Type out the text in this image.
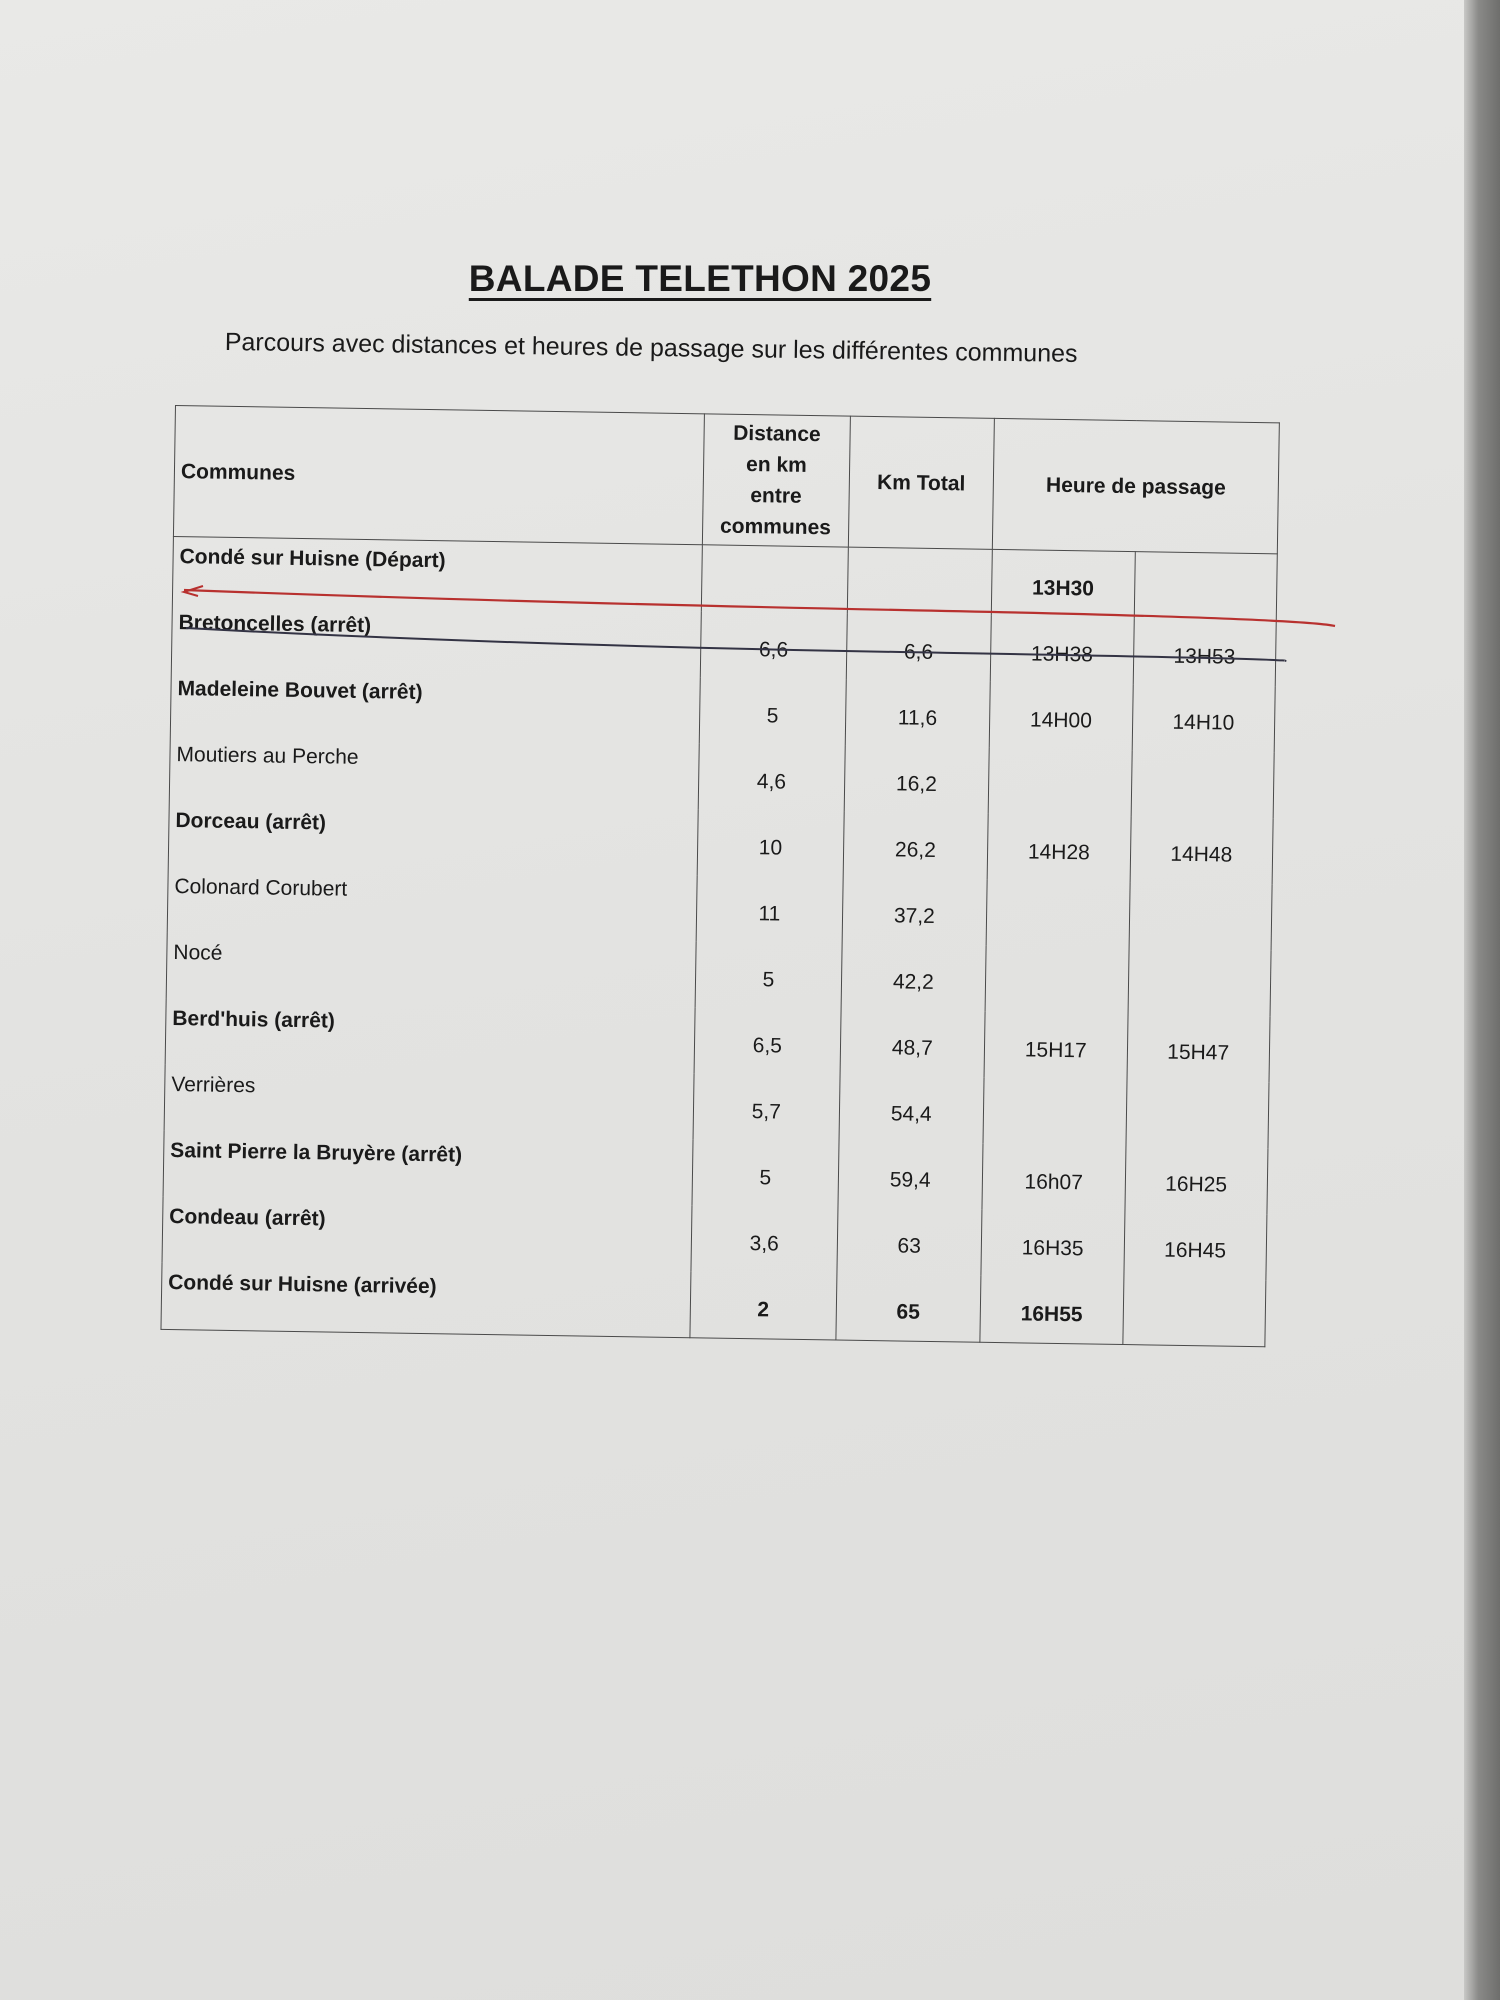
BALADE TELETHON 2025
Parcours avec distances et heures de passage sur les différentes communes
Communes	Distance
en km
entre
communes	Km Total	Heure de passage	
Condé sur Huisne (Départ)			13H30	
Bretoncelles (arrêt)	6,6	6,6	13H38	13H53
Madeleine Bouvet (arrêt)	5	11,6	14H00	14H10
Moutiers au Perche	4,6	16,2		
Dorceau (arrêt)	10	26,2	14H28	14H48
Colonard Corubert	11	37,2		
Nocé	5	42,2		
Berd'huis (arrêt)	6,5	48,7	15H17	15H47
Verrières	5,7	54,4		
Saint Pierre la Bruyère (arrêt)	5	59,4	16h07	16H25
Condeau (arrêt)	3,6	63	16H35	16H45
Condé sur Huisne (arrivée)	2	65	16H55	
